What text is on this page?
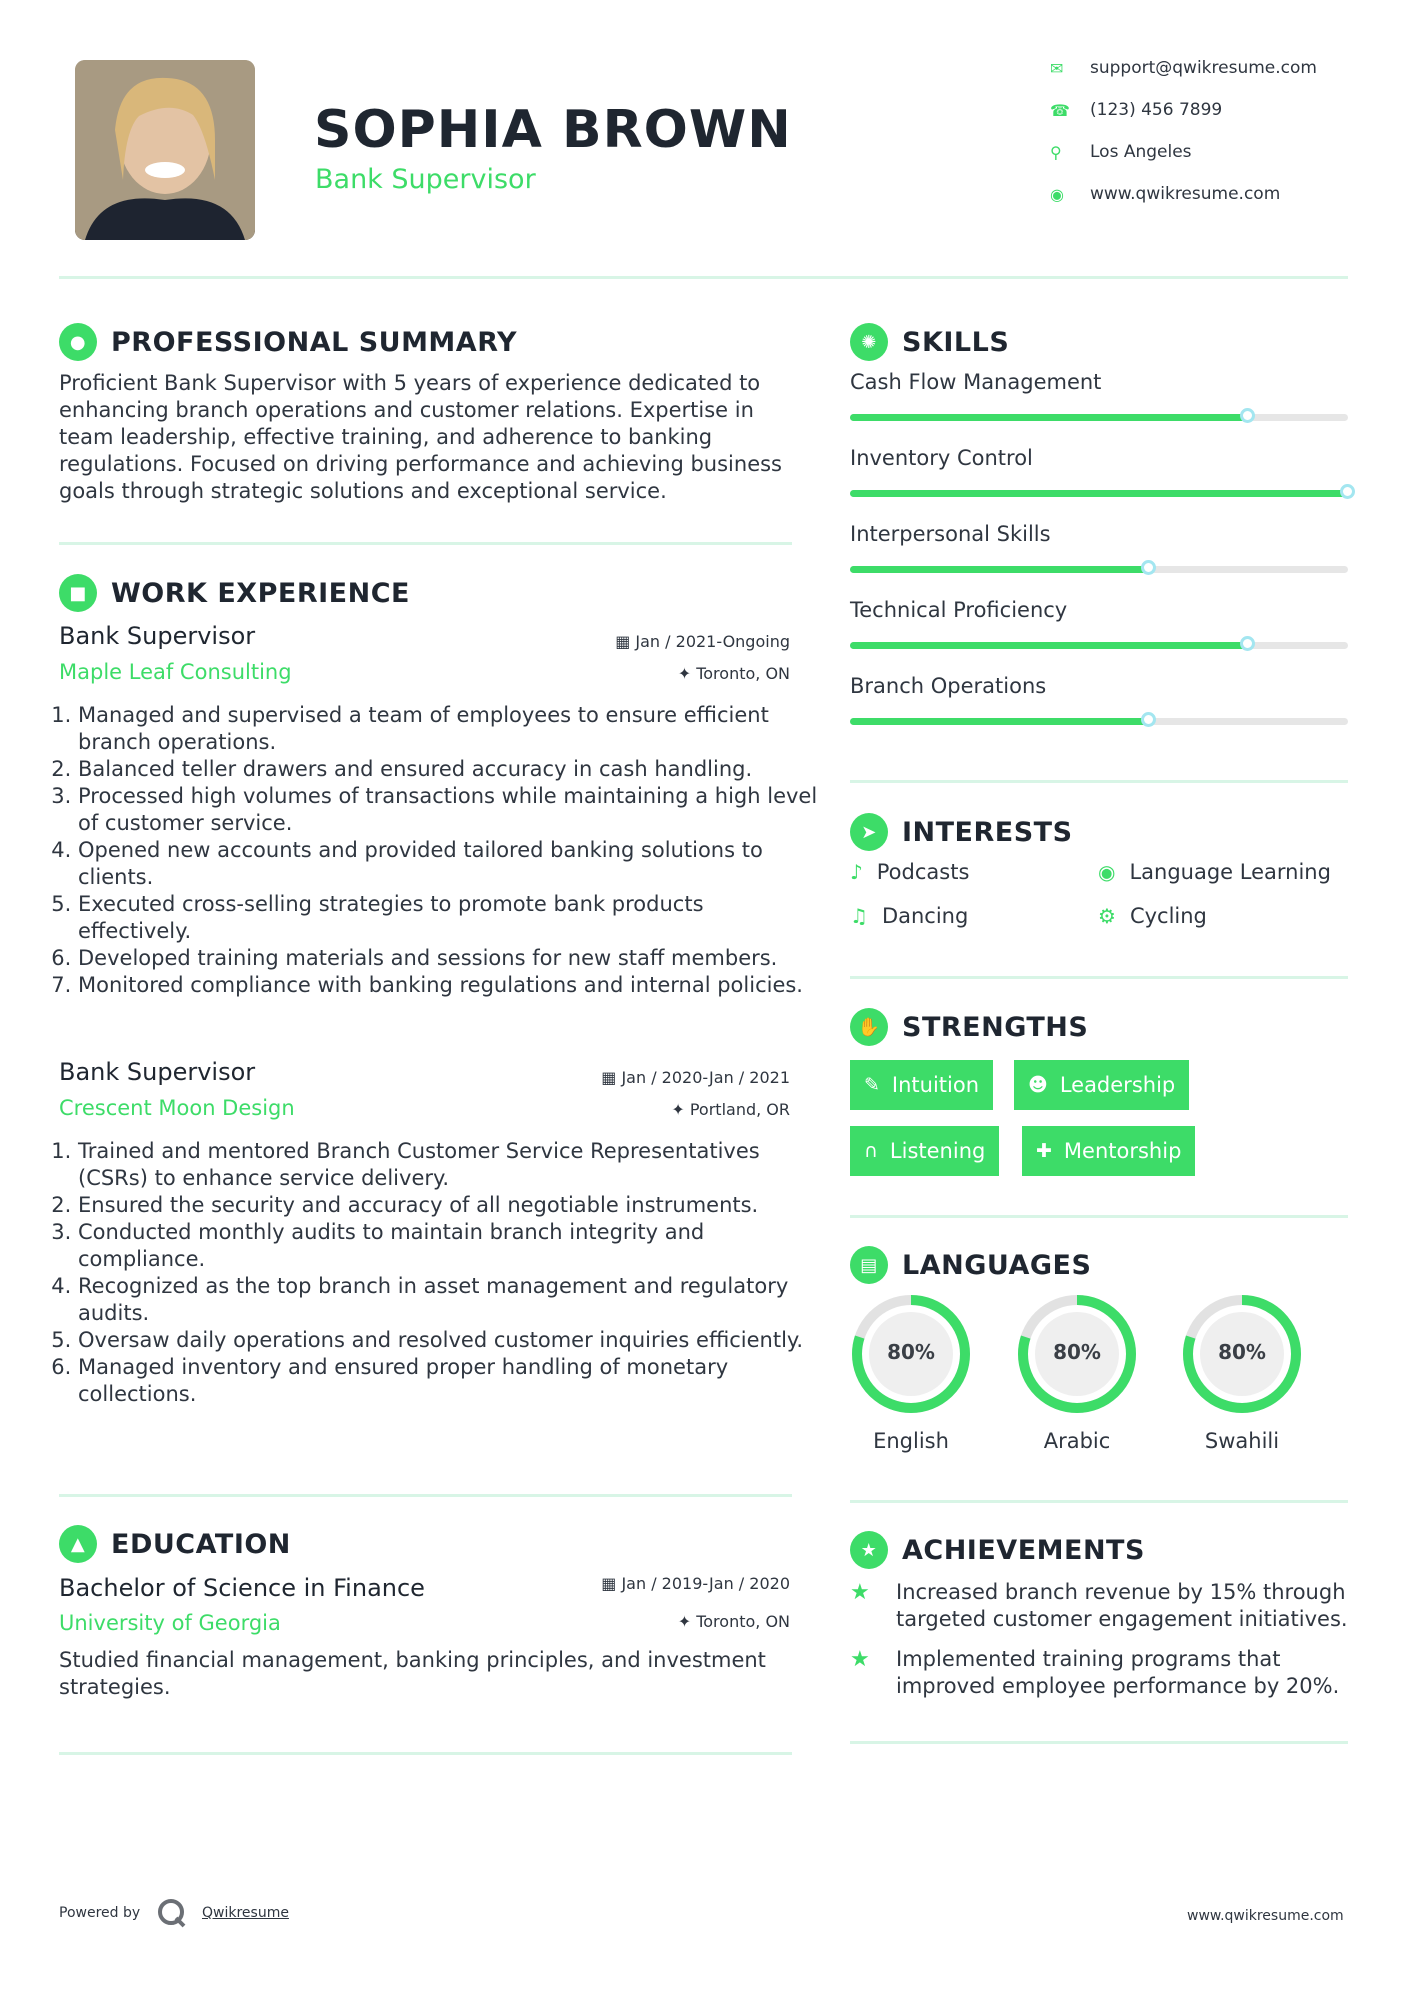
SOPHIA BROWN
Bank Supervisor
✉	support@qwikresume.com
☎	(123) 456 7899
⚲	Los Angeles
◉	www.qwikresume.com
● PROFESSIONAL SUMMARY
Proficient Bank Supervisor with 5 years of experience dedicated to enhancing branch operations and customer relations. Expertise in team leadership, effective training, and adherence to banking regulations. Focused on driving performance and achieving business goals through strategic solutions and exceptional service.
■ WORK EXPERIENCE
Bank Supervisor	▦ Jan / 2021-Ongoing
Maple Leaf Consulting	✦ Toronto, ON
1. Managed and supervised a team of employees to ensure efficient branch operations.
2. Balanced teller drawers and ensured accuracy in cash handling.
3. Processed high volumes of transactions while maintaining a high level of customer service.
4. Opened new accounts and provided tailored banking solutions to clients.
5. Executed cross-selling strategies to promote bank products effectively.
6. Developed training materials and sessions for new staff members.
7. Monitored compliance with banking regulations and internal policies.
Bank Supervisor	▦ Jan / 2020-Jan / 2021
Crescent Moon Design	✦ Portland, OR
1. Trained and mentored Branch Customer Service Representatives (CSRs) to enhance service delivery.
2. Ensured the security and accuracy of all negotiable instruments.
3. Conducted monthly audits to maintain branch integrity and compliance.
4. Recognized as the top branch in asset management and regulatory audits.
5. Oversaw daily operations and resolved customer inquiries efficiently.
6. Managed inventory and ensured proper handling of monetary collections.
▲ EDUCATION
Bachelor of Science in Finance	▦ Jan / 2019-Jan / 2020
University of Georgia	✦ Toronto, ON
Studied financial management, banking principles, and investment strategies.
✺ SKILLS
Cash Flow Management
Inventory Control
Interpersonal Skills
Technical Proficiency
Branch Operations
➤ INTERESTS
♪ Podcasts	◉ Language Learning
♫ Dancing	⚙ Cycling
✋ STRENGTHS
✎ Intuition	☻ Leadership
∩ Listening	✚ Mentorship
▤ LANGUAGES
80%
English
80%
Arabic
80%
Swahili
★ ACHIEVEMENTS
★	Increased branch revenue by 15% through targeted customer engagement initiatives.
★	Implemented training programs that improved employee performance by 20%.
Powered by	Qwikresume	www.qwikresume.com
